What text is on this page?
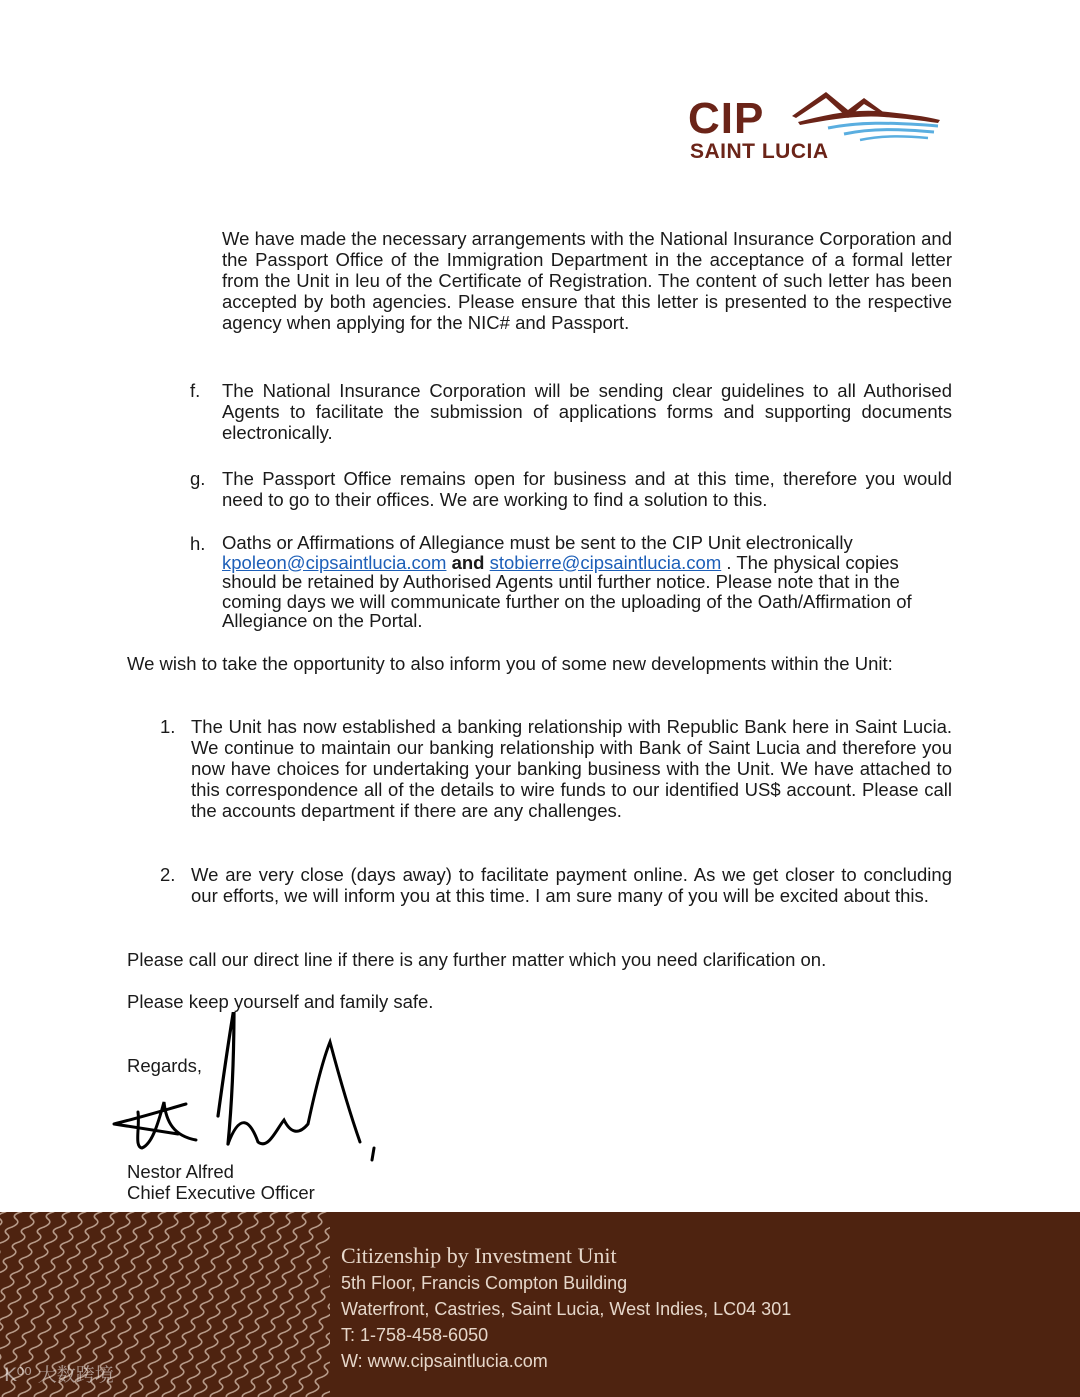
CIP
SAINT LUCIA

We have made the necessary arrangements with the National Insurance Corporation and the Passport Office of the Immigration Department in the acceptance of a formal letter from the Unit in leu of the Certificate of Registration. The content of such letter has been accepted by both agencies. Please ensure that this letter is presented to the respective agency when applying for the NIC# and Passport.

f. The National Insurance Corporation will be sending clear guidelines to all Authorised Agents to facilitate the submission of applications forms and supporting documents electronically.

g. The Passport Office remains open for business and at this time, therefore you would need to go to their offices. We are working to find a solution to this.

h. Oaths or Affirmations of Allegiance must be sent to the CIP Unit electronically
kpoleon@cipsaintlucia.com and stobierre@cipsaintlucia.com . The physical copies should be retained by Authorised Agents until further notice. Please note that in the coming days we will communicate further on the uploading of the Oath/Affirmation of Allegiance on the Portal.

We wish to take the opportunity to also inform you of some new developments within the Unit:

1. The Unit has now established a banking relationship with Republic Bank here in Saint Lucia. We continue to maintain our banking relationship with Bank of Saint Lucia and therefore you now have choices for undertaking your banking business with the Unit. We have attached to this correspondence all of the details to wire funds to our identified US$ account. Please call the accounts department if there are any challenges.

2. We are very close (days away) to facilitate payment online. As we get closer to concluding our efforts, we will inform you at this time. I am sure many of you will be excited about this.

Please call our direct line if there is any further matter which you need clarification on.

Please keep yourself and family safe.

Regards,

Nestor Alfred

Chief Executive Officer

Citizenship by Investment Unit
5th Floor, Francis Compton Building
Waterfront, Castries, Saint Lucia, West Indies, LC04 301
T: 1-758-458-6050
W: www.cipsaintlucia.com
K⁰⁰ 大数跨境
